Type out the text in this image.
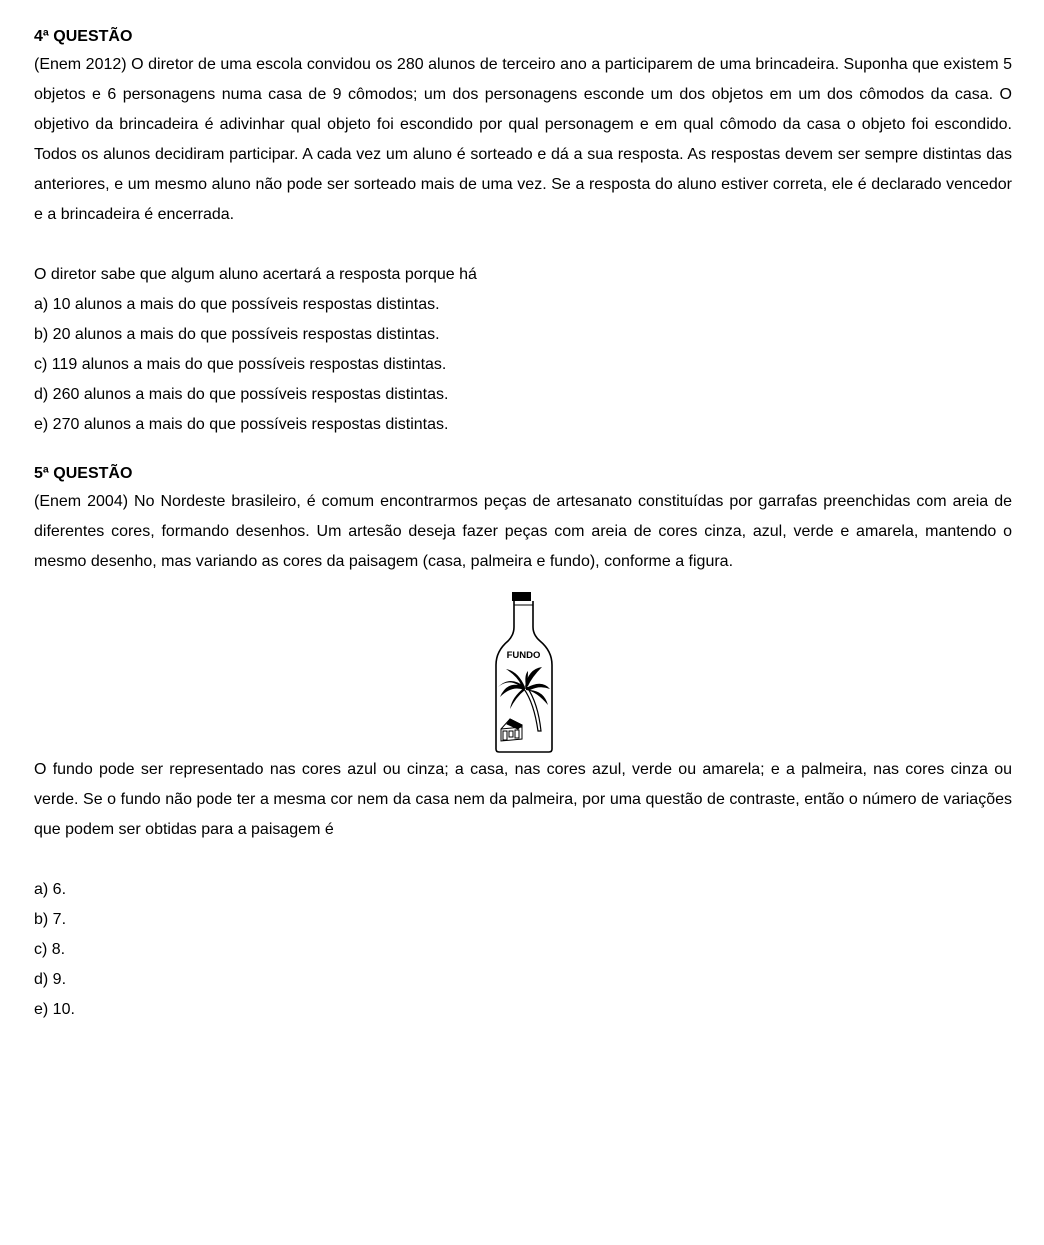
4ª QUESTÃO

(Enem 2012) O diretor de uma escola convidou os 280 alunos de terceiro ano a participarem de uma brincadeira. Suponha que existem 5 objetos e 6 personagens numa casa de 9 cômodos; um dos personagens esconde um dos objetos em um dos cômodos da casa. O objetivo da brincadeira é adivinhar qual objeto foi escondido por qual personagem e em qual cômodo da casa o objeto foi escondido. Todos os alunos decidiram participar. A cada vez um aluno é sorteado e dá a sua resposta. As respostas devem ser sempre distintas das anteriores, e um mesmo aluno não pode ser sorteado mais de uma vez. Se a resposta do aluno estiver correta, ele é declarado vencedor e a brincadeira é encerrada.

O diretor sabe que algum aluno acertará a resposta porque há

a) 10 alunos a mais do que possíveis respostas distintas.

b) 20 alunos a mais do que possíveis respostas distintas.

c) 119 alunos a mais do que possíveis respostas distintas.

d) 260 alunos a mais do que possíveis respostas distintas.

e) 270 alunos a mais do que possíveis respostas distintas.

5ª QUESTÃO

(Enem 2004) No Nordeste brasileiro, é comum encontrarmos peças de artesanato constituídas por garrafas preenchidas com areia de diferentes cores, formando desenhos. Um artesão deseja fazer peças com areia de cores cinza, azul, verde e amarela, mantendo o mesmo desenho, mas variando as cores da paisagem (casa, palmeira e fundo), conforme a figura.

FUNDO

O fundo pode ser representado nas cores azul ou cinza; a casa, nas cores azul, verde ou amarela; e a palmeira, nas cores cinza ou verde. Se o fundo não pode ter a mesma cor nem da casa nem da palmeira, por uma questão de contraste, então o número de variações que podem ser obtidas para a paisagem é

a) 6.

b) 7.

c) 8.

d) 9.

e) 10.
